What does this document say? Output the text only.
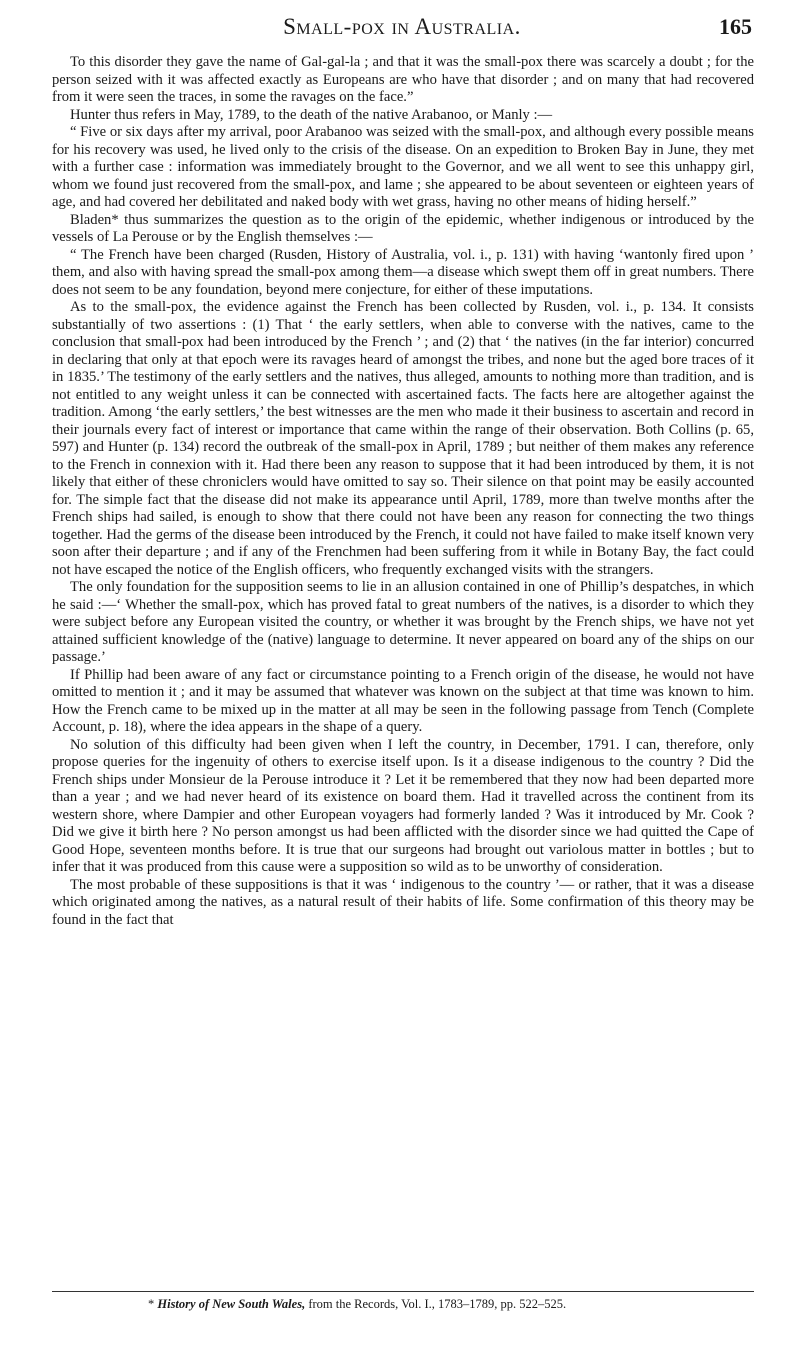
Small-pox in Australia.	165

To this disorder they gave the name of Gal-gal-la ; and that it was the small-pox there was scarcely a doubt ; for the person seized with it was affected exactly as Europeans are who have that disorder ; and on many that had recovered from it were seen the traces, in some the ravages on the face.”

Hunter thus refers in May, 1789, to the death of the native Arabanoo, or Manly :—

“ Five or six days after my arrival, poor Arabanoo was seized with the small-pox, and although every possible means for his recovery was used, he lived only to the crisis of the disease. On an expedition to Broken Bay in June, they met with a further case : information was immediately brought to the Governor, and we all went to see this unhappy girl, whom we found just recovered from the small-pox, and lame ; she appeared to be about seventeen or eighteen years of age, and had covered her debilitated and naked body with wet grass, having no other means of hiding herself.”

Bladen* thus summarizes the question as to the origin of the epidemic, whether indigenous or introduced by the vessels of La Perouse or by the English themselves :—

“ The French have been charged (Rusden, History of Australia, vol. i., p. 131) with having ‘wantonly fired upon ’ them, and also with having spread the small-pox among them—a disease which swept them off in great numbers. There does not seem to be any foundation, beyond mere conjecture, for either of these imputations.

As to the small-pox, the evidence against the French has been collected by Rusden, vol. i., p. 134. It consists substantially of two assertions : (1) That ‘ the early settlers, when able to converse with the natives, came to the conclusion that small-pox had been introduced by the French ’ ; and (2) that ‘ the natives (in the far interior) concurred in declaring that only at that epoch were its ravages heard of amongst the tribes, and none but the aged bore traces of it in 1835.’ The testimony of the early settlers and the natives, thus alleged, amounts to nothing more than tradition, and is not entitled to any weight unless it can be connected with ascertained facts. The facts here are altogether against the tradition. Among ‘the early settlers,’ the best witnesses are the men who made it their business to ascertain and record in their journals every fact of interest or importance that came within the range of their observation. Both Collins (p. 65, 597) and Hunter (p. 134) record the outbreak of the small-pox in April, 1789 ; but neither of them makes any reference to the French in connexion with it. Had there been any reason to suppose that it had been introduced by them, it is not likely that either of these chroniclers would have omitted to say so. Their silence on that point may be easily accounted for. The simple fact that the disease did not make its appearance until April, 1789, more than twelve months after the French ships had sailed, is enough to show that there could not have been any reason for connecting the two things together. Had the germs of the disease been introduced by the French, it could not have failed to make itself known very soon after their departure ; and if any of the Frenchmen had been suffering from it while in Botany Bay, the fact could not have escaped the notice of the English officers, who frequently exchanged visits with the strangers.

The only foundation for the supposition seems to lie in an allusion contained in one of Phillip’s despatches, in which he said :—‘ Whether the small-pox, which has proved fatal to great numbers of the natives, is a disorder to which they were subject before any European visited the country, or whether it was brought by the French ships, we have not yet attained sufficient knowledge of the (native) language to determine. It never appeared on board any of the ships on our passage.’

If Phillip had been aware of any fact or circumstance pointing to a French origin of the disease, he would not have omitted to mention it ; and it may be assumed that whatever was known on the subject at that time was known to him. How the French came to be mixed up in the matter at all may be seen in the following passage from Tench (Complete Account, p. 18), where the idea appears in the shape of a query.

No solution of this difficulty had been given when I left the country, in December, 1791. I can, therefore, only propose queries for the ingenuity of others to exercise itself upon. Is it a disease indigenous to the country ? Did the French ships under Monsieur de la Perouse introduce it ? Let it be remembered that they now had been departed more than a year ; and we had never heard of its existence on board them. Had it travelled across the continent from its western shore, where Dampier and other European voyagers had formerly landed ? Was it introduced by Mr. Cook ? Did we give it birth here ? No person amongst us had been afflicted with the disorder since we had quitted the Cape of Good Hope, seventeen months before. It is true that our surgeons had brought out variolous matter in bottles ; but to infer that it was produced from this cause were a supposition so wild as to be unworthy of consideration.

The most probable of these suppositions is that it was ‘ indigenous to the country ’— or rather, that it was a disease which originated among the natives, as a natural result of their habits of life. Some confirmation of this theory may be found in the fact that

* History of New South Wales, from the Records, Vol. I., 1783–1789, pp. 522–525.
